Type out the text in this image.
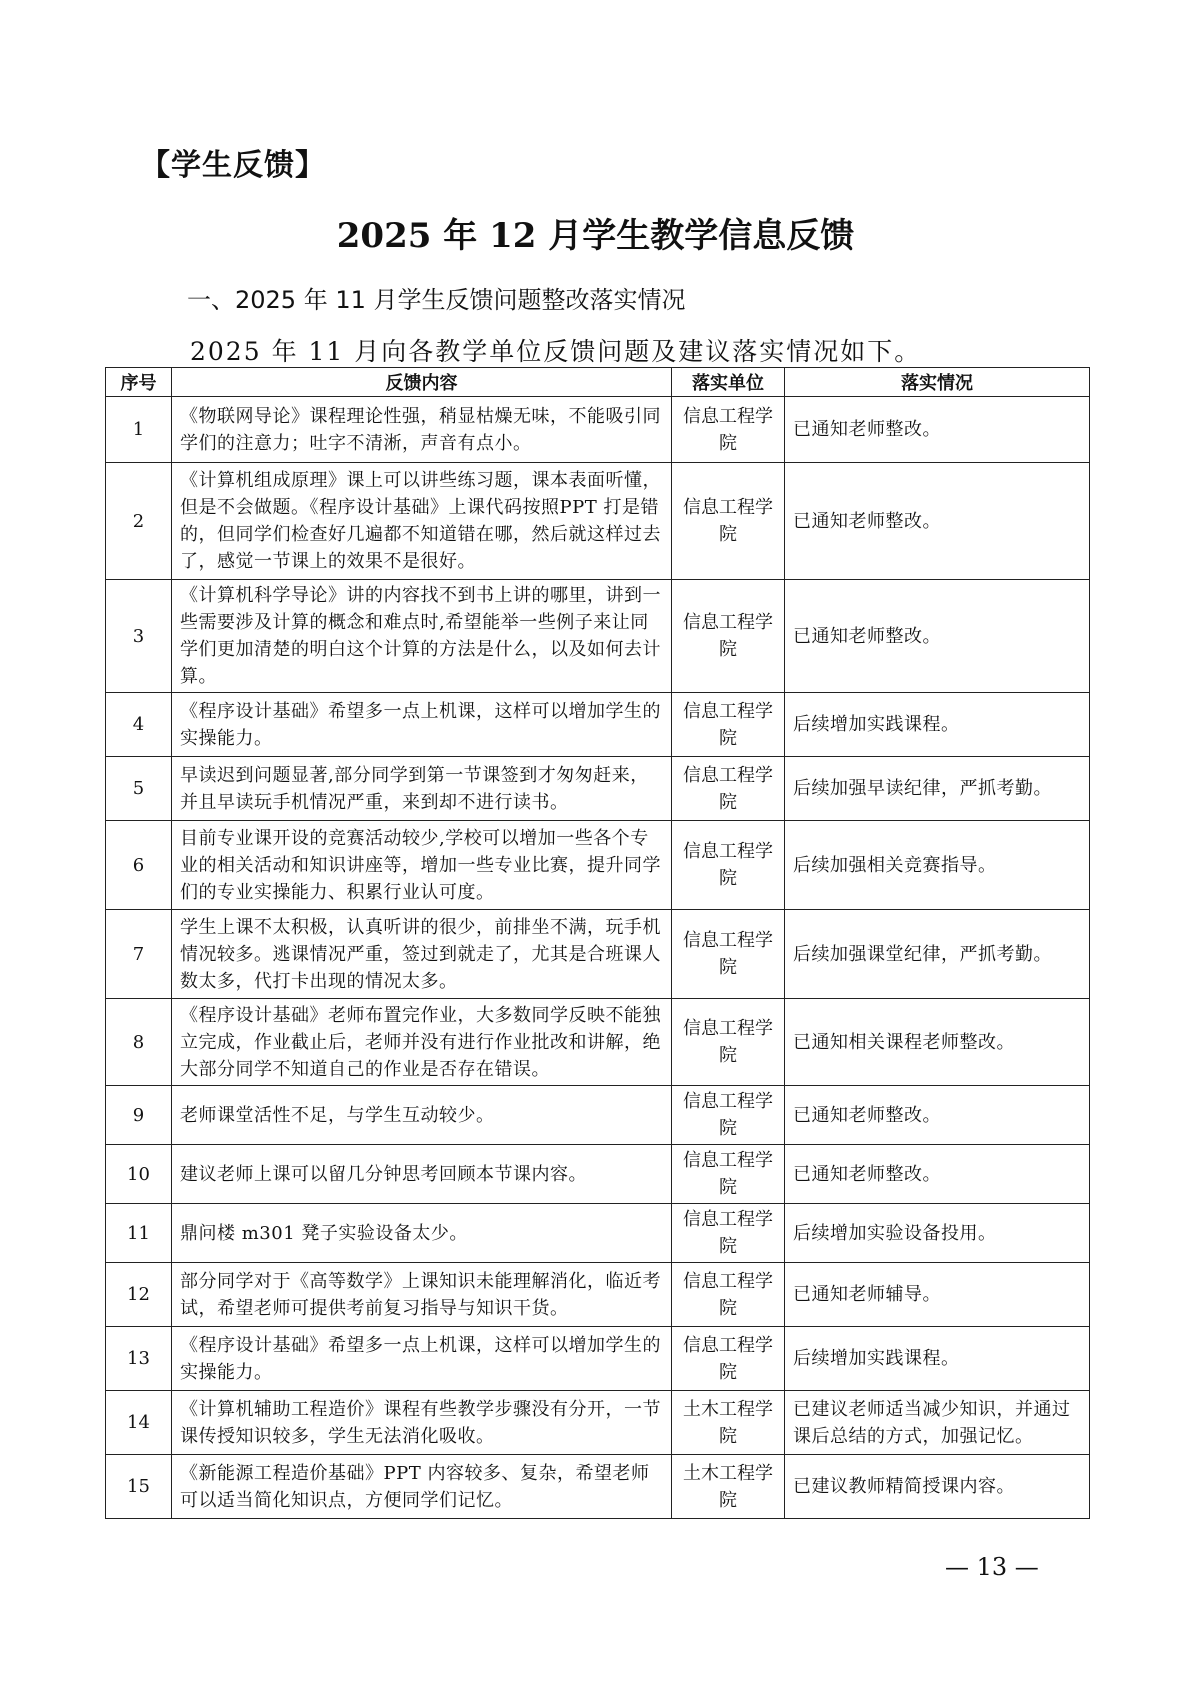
【学生反馈】
2025 年 12 月学生教学信息反馈
一、2025 年 11 月学生反馈问题整改落实情况
2025 年 11 月向各教学单位反馈问题及建议落实情况如下。
序号	反馈内容	落实单位	落实情况
1	《物联网导论》课程理论性强，稍显枯燥无味，不能吸引同学们的注意力；吐字不清淅，声音有点小。	信息工程学院	已通知老师整改。
2	《计算机组成原理》课上可以讲些练习题，课本表面听懂，但是不会做题。《程序设计基础》上课代码按照PPT 打是错的，但同学们检查好几遍都不知道错在哪，然后就这样过去了，感觉一节课上的效果不是很好。	信息工程学院	已通知老师整改。
3	《计算机科学导论》讲的内容找不到书上讲的哪里，讲到一些需要涉及计算的概念和难点时,希望能举一些例子来让同学们更加清楚的明白这个计算的方法是什么，以及如何去计算。	信息工程学院	已通知老师整改。
4	《程序设计基础》希望多一点上机课，这样可以增加学生的实操能力。	信息工程学院	后续增加实践课程。
5	早读迟到问题显著,部分同学到第一节课签到才匆匆赶来，并且早读玩手机情况严重，来到却不进行读书。	信息工程学院	后续加强早读纪律，严抓考勤。
6	目前专业课开设的竞赛活动较少,学校可以增加一些各个专业的相关活动和知识讲座等，增加一些专业比赛，提升同学们的专业实操能力、积累行业认可度。	信息工程学院	后续加强相关竞赛指导。
7	学生上课不太积极，认真听讲的很少，前排坐不满，玩手机情况较多。逃课情况严重，签过到就走了，尤其是合班课人数太多，代打卡出现的情况太多。	信息工程学院	后续加强课堂纪律，严抓考勤。
8	《程序设计基础》老师布置完作业，大多数同学反映不能独立完成，作业截止后，老师并没有进行作业批改和讲解，绝大部分同学不知道自己的作业是否存在错误。	信息工程学院	已通知相关课程老师整改。
9	老师课堂活性不足，与学生互动较少。	信息工程学院	已通知老师整改。
10	建议老师上课可以留几分钟思考回顾本节课内容。	信息工程学院	已通知老师整改。
11	鼎问楼 m301 凳子实验设备太少。	信息工程学院	后续增加实验设备投用。
12	部分同学对于《高等数学》上课知识未能理解消化，临近考试，希望老师可提供考前复习指导与知识干货。	信息工程学院	已通知老师辅导。
13	《程序设计基础》希望多一点上机课，这样可以增加学生的实操能力。	信息工程学院	后续增加实践课程。
14	《计算机辅助工程造价》课程有些教学步骤没有分开，一节课传授知识较多，学生无法消化吸收。	土木工程学院	已建议老师适当减少知识，并通过课后总结的方式，加强记忆。
15	《新能源工程造价基础》PPT 内容较多、复杂，希望老师可以适当简化知识点，方便同学们记忆。	土木工程学院	已建议教师精简授课内容。
— 13 —
